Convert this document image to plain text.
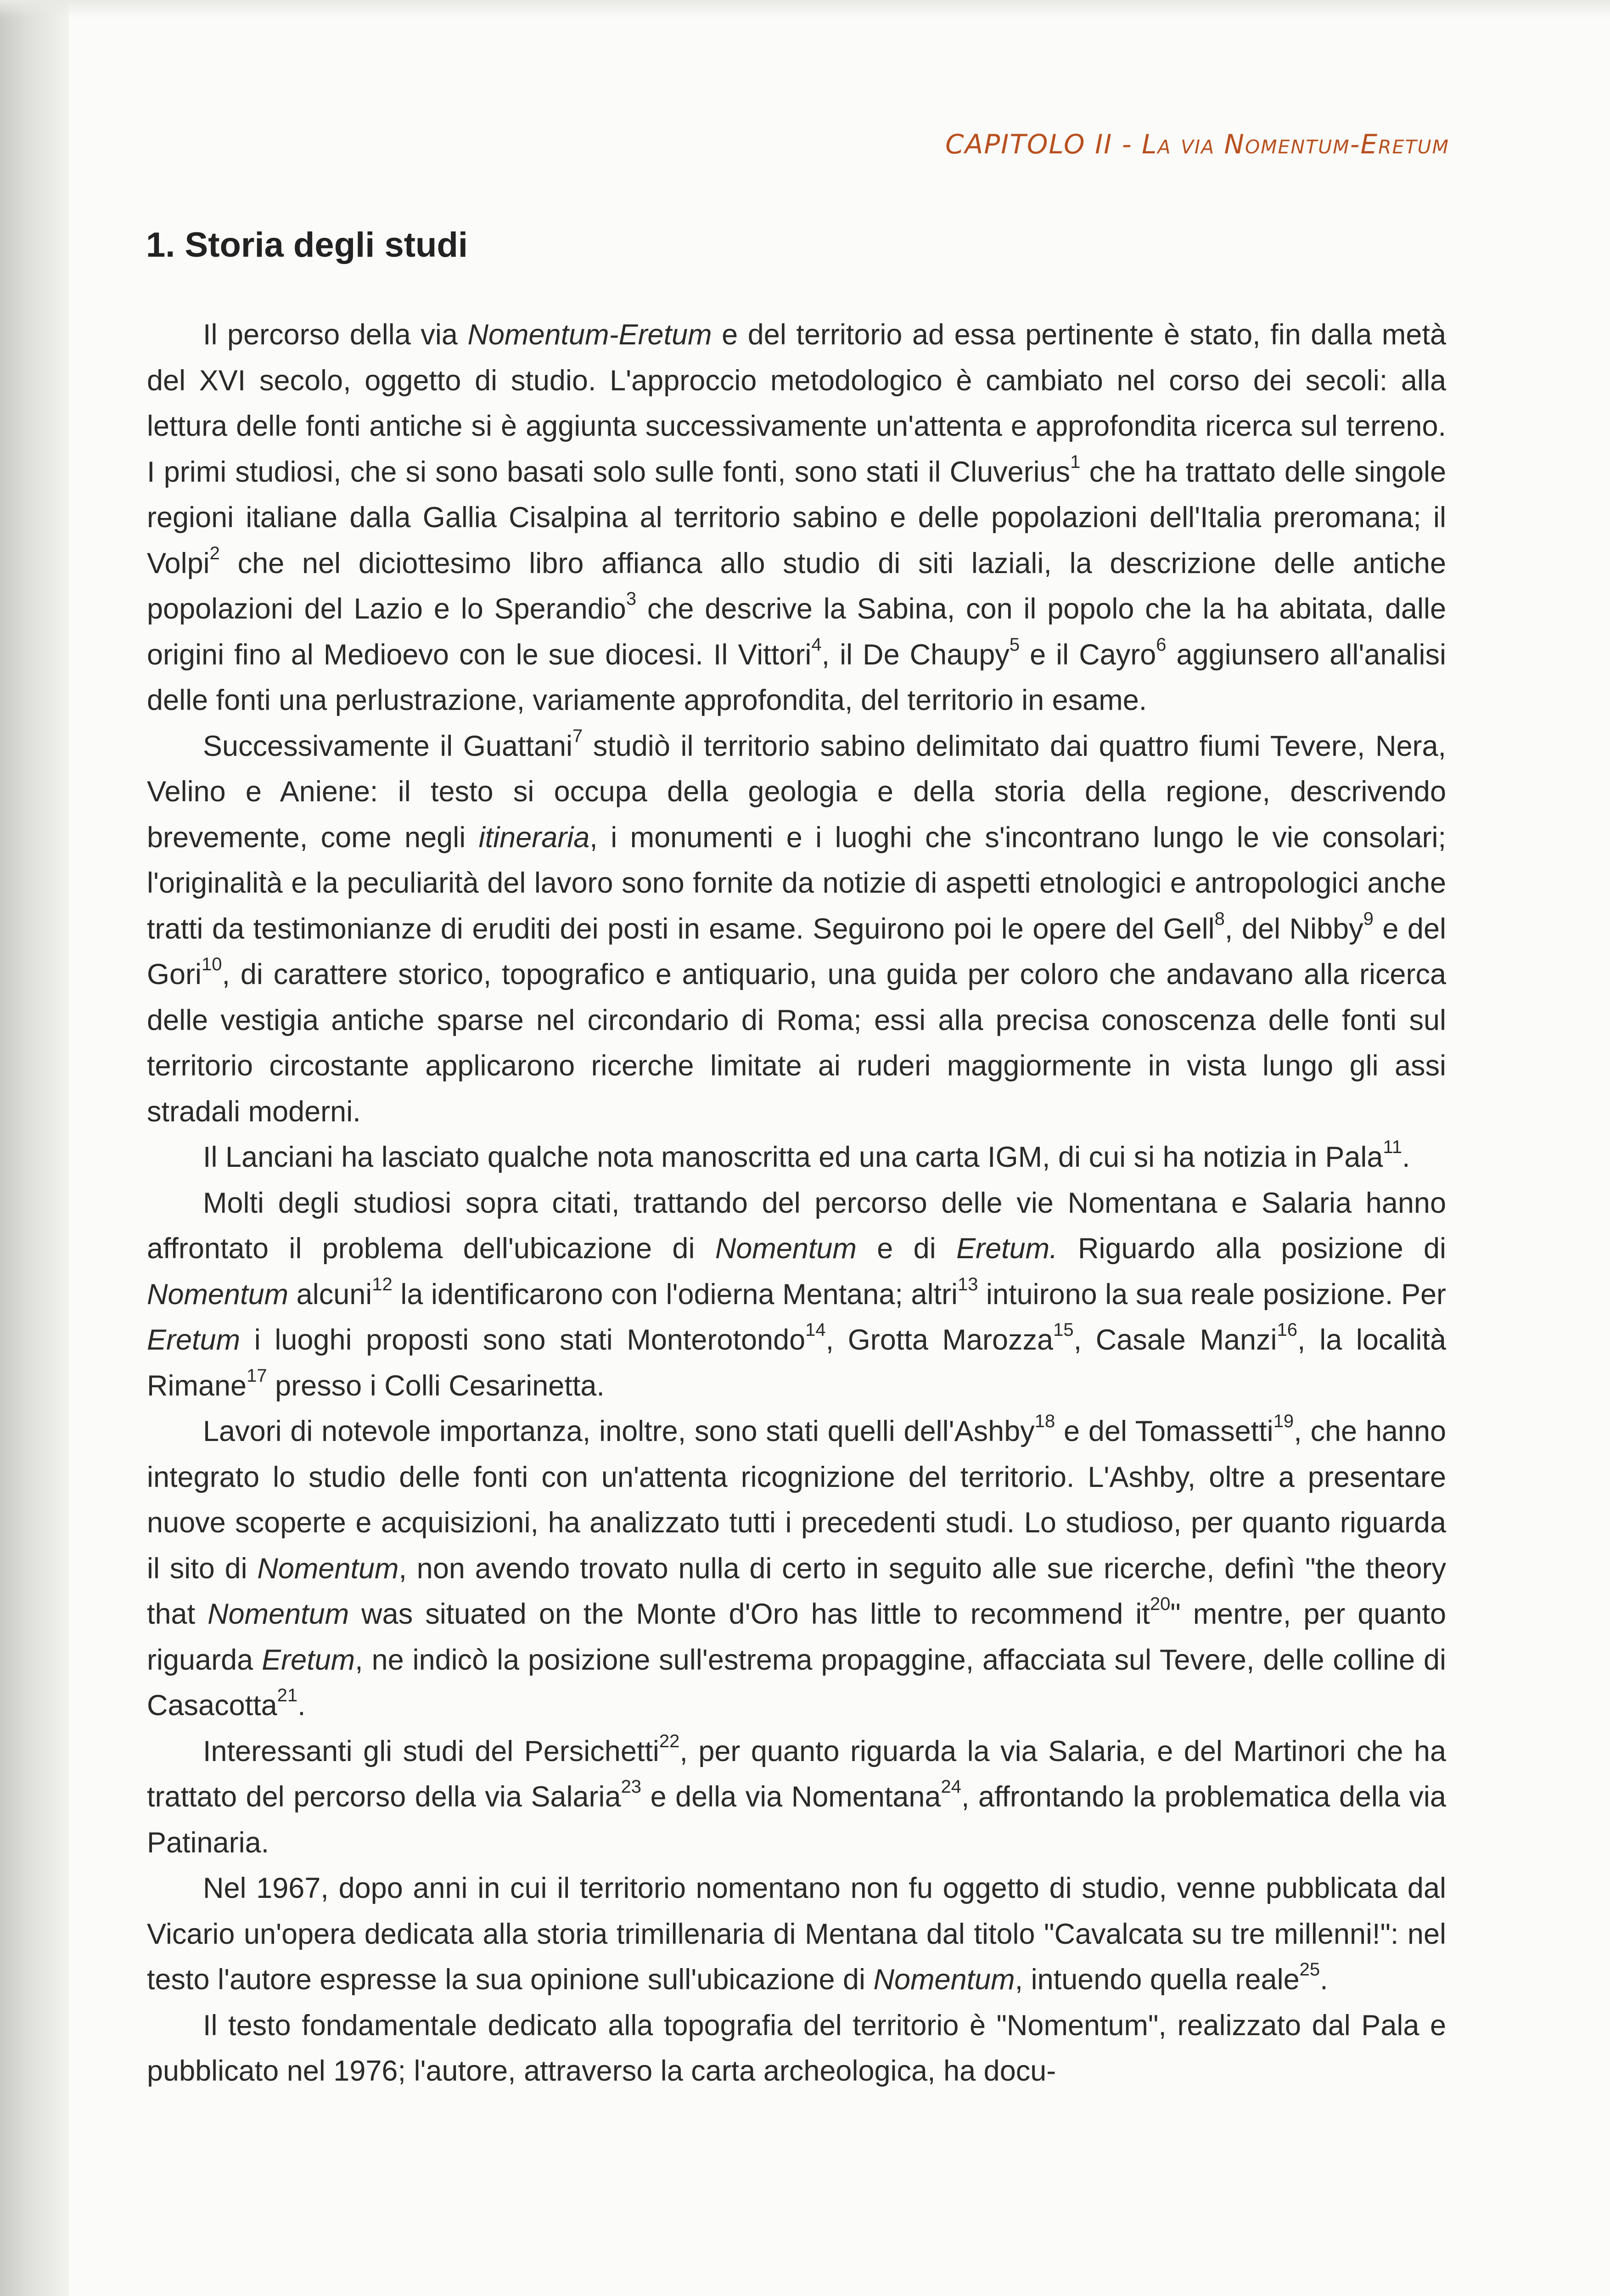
CAPITOLO II - La via Nomentum-Eretum
1. Storia degli studi

Il percorso della via Nomentum-Eretum e del territorio ad essa pertinente è stato, fin dalla metà del XVI secolo, oggetto di studio. L'approccio metodologico è cambiato nel corso dei secoli: alla lettura delle fonti antiche si è aggiunta successivamente un'attenta e approfondita ricerca sul terreno. I primi studiosi, che si sono basati solo sulle fonti, sono stati il Cluverius$^1$ che ha trattato delle singole regioni italiane dalla Gallia Cisalpina al territorio sabino e delle popolazioni dell'Italia preromana; il Volpi$^2$ che nel diciottesimo libro affianca allo studio di siti laziali, la descrizione delle antiche popolazioni del Lazio e lo Sperandio$^3$ che descrive la Sabina, con il popolo che la ha abitata, dalle origini fino al Medioevo con le sue diocesi. Il Vittori$^4$, il De Chaupy$^5$ e il Cayro$^6$ aggiunsero all'analisi delle fonti una perlustrazione, variamente approfondita, del territorio in esame.

Successivamente il Guattani$^7$ studiò il territorio sabino delimitato dai quattro fiumi Tevere, Nera, Velino e Aniene: il testo si occupa della geologia e della storia della regione, descrivendo brevemente, come negli itineraria, i monumenti e i luoghi che s'incontrano lungo le vie consolari; l'originalità e la peculiarità del lavoro sono fornite da notizie di aspetti etnologici e antropologici anche tratti da testimonianze di eruditi dei posti in esame. Seguirono poi le opere del Gell$^8$, del Nibby$^9$ e del Gori$^{10}$, di carattere storico, topografico e antiquario, una guida per coloro che andavano alla ricerca delle vestigia antiche sparse nel circondario di Roma; essi alla precisa conoscenza delle fonti sul territorio circostante applicarono ricerche limitate ai ruderi maggiormente in vista lungo gli assi stradali moderni.

Il Lanciani ha lasciato qualche nota manoscritta ed una carta IGM, di cui si ha notizia in Pala$^{11}$.

Molti degli studiosi sopra citati, trattando del percorso delle vie Nomentana e Salaria hanno affrontato il problema dell'ubicazione di Nomentum e di Eretum. Riguardo alla posizione di Nomentum alcuni$^{12}$ la identificarono con l'odierna Mentana; altri$^{13}$ intuirono la sua reale posizione. Per Eretum i luoghi proposti sono stati Monterotondo$^{14}$, Grotta Marozza$^{15}$, Casale Manzi$^{16}$, la località Rimane$^{17}$ presso i Colli Cesarinetta.

Lavori di notevole importanza, inoltre, sono stati quelli dell'Ashby$^{18}$ e del Tomassetti$^{19}$, che hanno integrato lo studio delle fonti con un'attenta ricognizione del territorio. L'Ashby, oltre a presentare nuove scoperte e acquisizioni, ha analizzato tutti i precedenti studi. Lo studioso, per quanto riguarda il sito di Nomentum, non avendo trovato nulla di certo in seguito alle sue ricerche, definì "the theory that Nomentum was situated on the Monte d'Oro has little to recommend $it^{20}$" mentre, per quanto riguarda Eretum, ne indicò la posizione sull'estrema propaggine, affacciata sul Tevere, delle colline di Casacotta$^{21}$.

Interessanti gli studi del Persichetti$^{22}$, per quanto riguarda la via Salaria, e del Martinori che ha trattato del percorso della via Salaria$^{23}$ e della via Nomentana$^{24}$, affrontando la problematica della via Patinaria.

Nel 1967, dopo anni in cui il territorio nomentano non fu oggetto di studio, venne pubblicata dal Vicario un'opera dedicata alla storia trimillenaria di Mentana dal titolo "Cavalcata su tre millenni!": nel testo l'autore espresse la sua opinione sull'ubicazione di Nomentum, intuendo quella reale$^{25}$.

Il testo fondamentale dedicato alla topografia del territorio è "Nomentum", realizzato dal Pala e pubblicato nel 1976; l'autore, attraverso la carta archeologica, ha docu-
